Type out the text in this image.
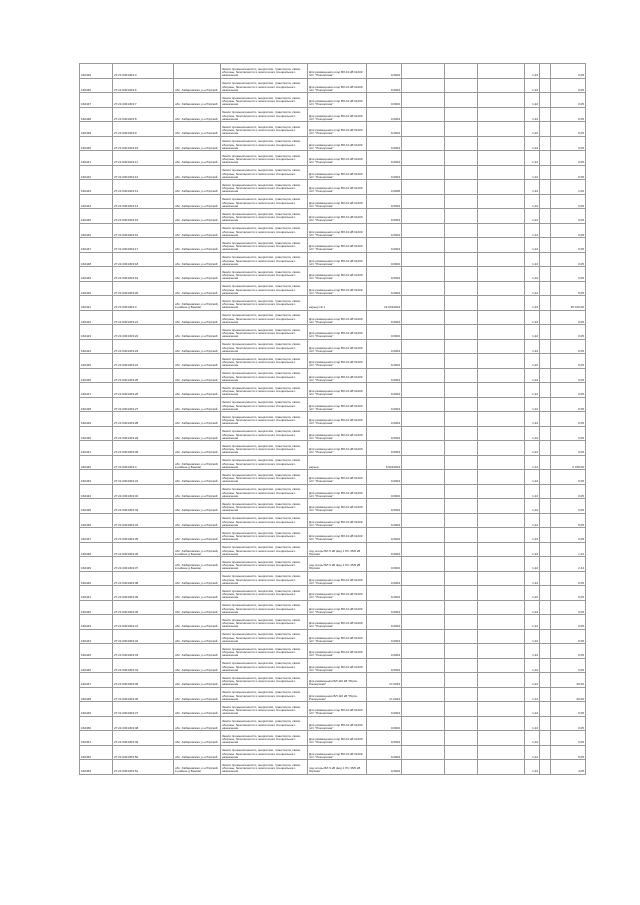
160420	27:21:0301303:3		Земли промышленности, энергетики, транспорта, связи, обороны, безопасности и земли иного специального назначения	Для размещения опор ВЛ-10 кВ №100 п/ст "Рокоорская"	0,0004				1,22		0,05
160436	27:21:0301303:6	обл. Хабаровская, р-н Юрский	Земли промышленности, энергетики, транспорта, связи, обороны, безопасности и земли иного специального назначения	Для размещения опор ВЛ-10 кВ №100 п/ст "Рокоорская"	0,0004				1,22		0,05
160437	27:21:0301303:7	обл. Хабаровская, р-н Юрский	Земли промышленности, энергетики, транспорта, связи, обороны, безопасности и земли иного специального назначения	Для размещения опор ВЛ-10 кВ №100 п/ст "Рокоорская"	0,0004				1,22		0,05
160438	27:21:0301303:8	обл. Хабаровская, р-н Юрский	Земли промышленности, энергетики, транспорта, связи, обороны, безопасности и земли иного специального назначения	Для размещения опор ВЛ-10 кВ №100 п/ст "Рокоорская"	0,0004				1,22		0,05
160439	27:21:0301303:9	обл. Хабаровская, р-н Юрский	Земли промышленности, энергетики, транспорта, связи, обороны, безопасности и земли иного специального назначения	Для размещения опор ВЛ-10 кВ №100 п/ст "Рокоорская"	0,0004				1,22		0,05
160440	27:21:0301303:10	обл. Хабаровская, р-н Юрский	Земли промышленности, энергетики, транспорта, связи, обороны, безопасности и земли иного специального назначения	Для размещения опор ВЛ-10 кВ №100 п/ст "Рокоорская"	0,0004				1,22		0,05
160441	27:21:0301303:11	обл. Хабаровская, р-н Юрский	Земли промышленности, энергетики, транспорта, связи, обороны, безопасности и земли иного специального назначения	Для размещения опор ВЛ-10 кВ №100 п/ст "Рокоорская"	0,0004				1,22		0,05
160442	27:21:0301303:12	обл. Хабаровская, р-н Юрский	Земли промышленности, энергетики, транспорта, связи, обороны, безопасности и земли иного специального назначения	Для размещения опор ВЛ-10 кВ №100 п/ст "Рокоорская"	0,0004				1,22		0,05
160443	27:21:0301303:13	обл. Хабаровская, р-н Юрский	Земли промышленности, энергетики, транспорта, связи, обороны, безопасности и земли иного специального назначения	Для размещения опор ВЛ-10 кВ №100 п/ст "Рокоорская"	0,0008				1,22		1,00
160444	27:21:0301303:14	обл. Хабаровская, р-н Юрский	Земли промышленности, энергетики, транспорта, связи, обороны, безопасности и земли иного специального назначения	Для размещения опор ВЛ-10 кВ №100 п/ст "Рокоорская"	0,0004				1,22		0,05
160445	27:21:0301303:15	обл. Хабаровская, р-н Юрский	Земли промышленности, энергетики, транспорта, связи, обороны, безопасности и земли иного специального назначения	Для размещения опор ВЛ-10 кВ №100 п/ст "Рокоорская"	0,0004				1,22		0,05
160446	27:21:0301303:16	обл. Хабаровская, р-н Юрский	Земли промышленности, энергетики, транспорта, связи, обороны, безопасности и земли иного специального назначения	Для размещения опор ВЛ-10 кВ №100 п/ст "Рокоорская"	0,0004				1,22		0,05
160447	27:21:0301303:17	обл. Хабаровская, р-н Юрский	Земли промышленности, энергетики, транспорта, связи, обороны, безопасности и земли иного специального назначения	Для размещения опор ВЛ-10 кВ №100 п/ст "Рокоорская"	0,0004				1,22		0,05
160448	27:21:0301303:18	обл. Хабаровская, р-н Юрский	Земли промышленности, энергетики, транспорта, связи, обороны, безопасности и земли иного специального назначения	Для размещения опор ВЛ-10 кВ №100 п/ст "Рокоорская"	0,0004				1,22		0,05
160449	27:21:0301303:19	обл. Хабаровская, р-н Юрский	Земли промышленности, энергетики, транспорта, связи, обороны, безопасности и земли иного специального назначения	Для размещения опор ВЛ-10 кВ №100 п/ст "Рокоорская"	0,0004				1,22		0,05
160420	27:21:0301303:20	обл. Хабаровская, р-н Юрский	Земли промышленности, энергетики, транспорта, связи, обороны, безопасности и земли иного специального назначения	Для размещения опор ВЛ-10 кВ №100 п/ст "Рокоорская"	0,0004				1,22		0,05
160421	27:21:0301303:3	обл. Хабаровская, р-н Юрский, в районе д.Быково	Земли промышленности, энергетики, транспорта, связи, обороны, безопасности и земли иного специального назначения	карьер № 1	21,0010004				1,22		25 010,00
160422	27:21:0301303:21	обл. Хабаровская, р-н Юрский	Земли промышленности, энергетики, транспорта, связи, обороны, безопасности и земли иного специального назначения	Для размещения опор ВЛ-10 кВ №100 п/ст "Рокоорская"	0,0004				1,22		0,05
160423	27:21:0301303:22	обл. Хабаровская, р-н Юрский	Земли промышленности, энергетики, транспорта, связи, обороны, безопасности и земли иного специального назначения	Для размещения опор ВЛ-10 кВ №100 п/ст "Рокоорская"	0,0004				1,22		0,05
160424	27:21:0301303:23	обл. Хабаровская, р-н Юрский	Земли промышленности, энергетики, транспорта, связи, обороны, безопасности и земли иного специального назначения	Для размещения опор ВЛ-10 кВ №100 п/ст "Рокоорская"	0,0004				1,22		0,05
160425	27:21:0301303:24	обл. Хабаровская, р-н Юрский	Земли промышленности, энергетики, транспорта, связи, обороны, безопасности и земли иного специального назначения	Для размещения опор ВЛ-10 кВ №100 п/ст "Рокоорская"	0,0004				1,22		0,05
160426	27:21:0301303:25	обл. Хабаровская, р-н Юрский	Земли промышленности, энергетики, транспорта, связи, обороны, безопасности и земли иного специального назначения	Для размещения опор ВЛ-10 кВ №100 п/ст "Рокоорская"	0,0004				1,22		0,05
160427	27:21:0301303:26	обл. Хабаровская, р-н Юрский	Земли промышленности, энергетики, транспорта, связи, обороны, безопасности и земли иного специального назначения	Для размещения опор ВЛ-10 кВ №100 п/ст "Рокоорская"	0,0004				1,22		0,05
160428	27:21:0301303:27	обл. Хабаровская, р-н Юрский	Земли промышленности, энергетики, транспорта, связи, обороны, безопасности и земли иного специального назначения	Для размещения опор ВЛ-10 кВ №100 п/ст "Рокоорская"	0,0004				1,22		0,05
160429	27:21:0301303:28	обл. Хабаровская, р-н Юрский	Земли промышленности, энергетики, транспорта, связи, обороны, безопасности и земли иного специального назначения	Для размещения опор ВЛ-10 кВ №100 п/ст "Рокоорская"	0,0004				1,22		0,05
160430	27:21:0301303:29	обл. Хабаровская, р-н Юрский	Земли промышленности, энергетики, транспорта, связи, обороны, безопасности и земли иного специального назначения	Для размещения опор ВЛ-10 кВ №100 п/ст "Рокоорская"	0,0004				1,22		0,05
160431	27:21:0301303:30	обл. Хабаровская, р-н Юрский	Земли промышленности, энергетики, транспорта, связи, обороны, безопасности и земли иного специального назначения	Для размещения опор ВЛ-10 кВ №100 п/ст "Рокоорская"	0,0004				1,22		0,05
160432	27:21:0301303:4	обл. Хабаровская, р-н Юрский, в районе д.Быково	Земли промышленности, энергетики, транспорта, связи, обороны, безопасности и земли иного специального назначения	карьер	5,0010004				1,22		6 078,00
160433	27:21:0301303:31	обл. Хабаровская, р-н Юрский	Земли промышленности, энергетики, транспорта, связи, обороны, безопасности и земли иного специального назначения	Для размещения опор ВЛ-10 кВ №100 п/ст "Рокоорская"	0,0004				1,22		0,05
160434	27:21:0301303:32	обл. Хабаровская, р-н Юрский	Земли промышленности, энергетики, транспорта, связи, обороны, безопасности и земли иного специального назначения	Для размещения опор ВЛ-10 кВ №100 п/ст "Рокоорская"	0,0004				1,22		0,05
160435	27:21:0301303:33	обл. Хабаровская, р-н Юрский	Земли промышленности, энергетики, транспорта, связи, обороны, безопасности и земли иного специального назначения	Для размещения опор ВЛ-10 кВ №100 п/ст "Рокоорская"	0,0004				1,22		0,05
160436	27:21:0301303:34	обл. Хабаровская, р-н Юрский	Земли промышленности, энергетики, транспорта, связи, обороны, безопасности и земли иного специального назначения	Для размещения опор ВЛ-10 кВ №100 п/ст "Рокоорская"	0,0004				1,22		0,05
160437	27:21:0301303:35	обл. Хабаровская, р-н Юрский	Земли промышленности, энергетики, транспорта, связи, обороны, безопасности и земли иного специального назначения	Для размещения опор ВЛ-10 кВ №100 п/ст "Рокоорская"	0,0004				1,22		0,05
160438	27:21:0301303:36	обл. Хабаровская, р-н Юрский, в районе д.Быково	Земли промышленности, энергетики, транспорта, связи, обороны, безопасности и земли иного специального назначения	под опоры ВЛ 6 кВ фид 1 ПС 35/6 кВ Юрская	0,0004				1,22		1,22
160439	27:21:0301303:37	обл. Хабаровская, р-н Юрский, в районе д.Быково	Земли промышленности, энергетики, транспорта, связи, обороны, безопасности и земли иного специального назначения	под опоры ВЛ 6 кВ фид 1 ПС 35/6 кВ Юрская	0,0004				1,22		2,44
160440	27:21:0301303:38	обл. Хабаровская, р-н Юрский	Земли промышленности, энергетики, транспорта, связи, обороны, безопасности и земли иного специального назначения	Для размещения опор ВЛ-10 кВ №100 п/ст "Рокоорская"	0,0004				1,22		0,05
160441	27:21:0301303:39	обл. Хабаровская, р-н Юрский	Земли промышленности, энергетики, транспорта, связи, обороны, безопасности и земли иного специального назначения	Для размещения опор ВЛ-10 кВ №100 п/ст "Рокоорская"	0,0004				1,22		0,05
160442	27:21:0301303:40	обл. Хабаровская, р-н Юрский	Земли промышленности, энергетики, транспорта, связи, обороны, безопасности и земли иного специального назначения	Для размещения опор ВЛ-10 кВ №100 п/ст "Рокоорская"	0,0004				1,22		0,05
160443	27:21:0301303:41	обл. Хабаровская, р-н Юрский	Земли промышленности, энергетики, транспорта, связи, обороны, безопасности и земли иного специального назначения	Для размещения опор ВЛ-10 кВ №100 п/ст "Рокоорская"	0,0004				1,22		0,05
160444	27:21:0301303:42	обл. Хабаровская, р-н Юрский	Земли промышленности, энергетики, транспорта, связи, обороны, безопасности и земли иного специального назначения	Для размещения опор ВЛ-10 кВ №100 п/ст "Рокоорская"	0,0004				1,22		0,05
160445	27:21:0301303:43	обл. Хабаровская, р-н Юрский	Земли промышленности, энергетики, транспорта, связи, обороны, безопасности и земли иного специального назначения	Для размещения опор ВЛ-10 кВ №100 п/ст "Рокоорская"	0,0004				1,22		0,05
160446	27:21:0301303:44	обл. Хабаровская, р-н Юрский	Земли промышленности, энергетики, транспорта, связи, обороны, безопасности и земли иного специального назначения	Для размещения опор ВЛ-10 кВ №100 п/ст "Рокоорская"	0,0004				1,22		0,05
160447	27:21:0301303:45	обл. Хабаровская, р-н Юрский	Земли промышленности, энергетики, транспорта, связи, обороны, безопасности и земли иного специального назначения	Для размещения ВЛ 110 кВ "Юрск-Рокоорская"	17,0024				1,22		20,00
160448	27:21:0301303:46	обл. Хабаровская, р-н Юрский	Земли промышленности, энергетики, транспорта, связи, обороны, безопасности и земли иного специального назначения	Для размещения ВЛ 110 кВ "Юрск-Рокоорская"	17,0024				1,22		20,00
160449	27:21:0301303:47	обл. Хабаровская, р-н Юрский	Земли промышленности, энергетики, транспорта, связи, обороны, безопасности и земли иного специального назначения	Для размещения опор ВЛ-10 кВ №100 п/ст "Рокоорская"	0,0004				1,22		0,05
160450	27:21:0301303:48	обл. Хабаровская, р-н Юрский	Земли промышленности, энергетики, транспорта, связи, обороны, безопасности и земли иного специального назначения	Для размещения опор ВЛ-10 кВ №100 п/ст "Рокоорская"	0,0004				1,22		0,05
160451	27:21:0301303:49	обл. Хабаровская, р-н Юрский	Земли промышленности, энергетики, транспорта, связи, обороны, безопасности и земли иного специального назначения	Для размещения опор ВЛ-10 кВ №100 п/ст "Рокоорская"	0,0004				1,22		0,05
160452	27:21:0301303:50	обл. Хабаровская, р-н Юрский	Земли промышленности, энергетики, транспорта, связи, обороны, безопасности и земли иного специального назначения	Для размещения опор ВЛ-10 кВ №100 п/ст "Рокоорская"	0,0004				1,22		0,05
160453	27:21:0301303:51	обл. Хабаровская, р-н Юрский, в районе д.Быково	Земли промышленности, энергетики, транспорта, связи, обороны, безопасности и земли иного специального назначения	под опоры ВЛ 6 кВ фид 1 ПС 35/6 кВ Юрская	0,0004				1,22		4,05
